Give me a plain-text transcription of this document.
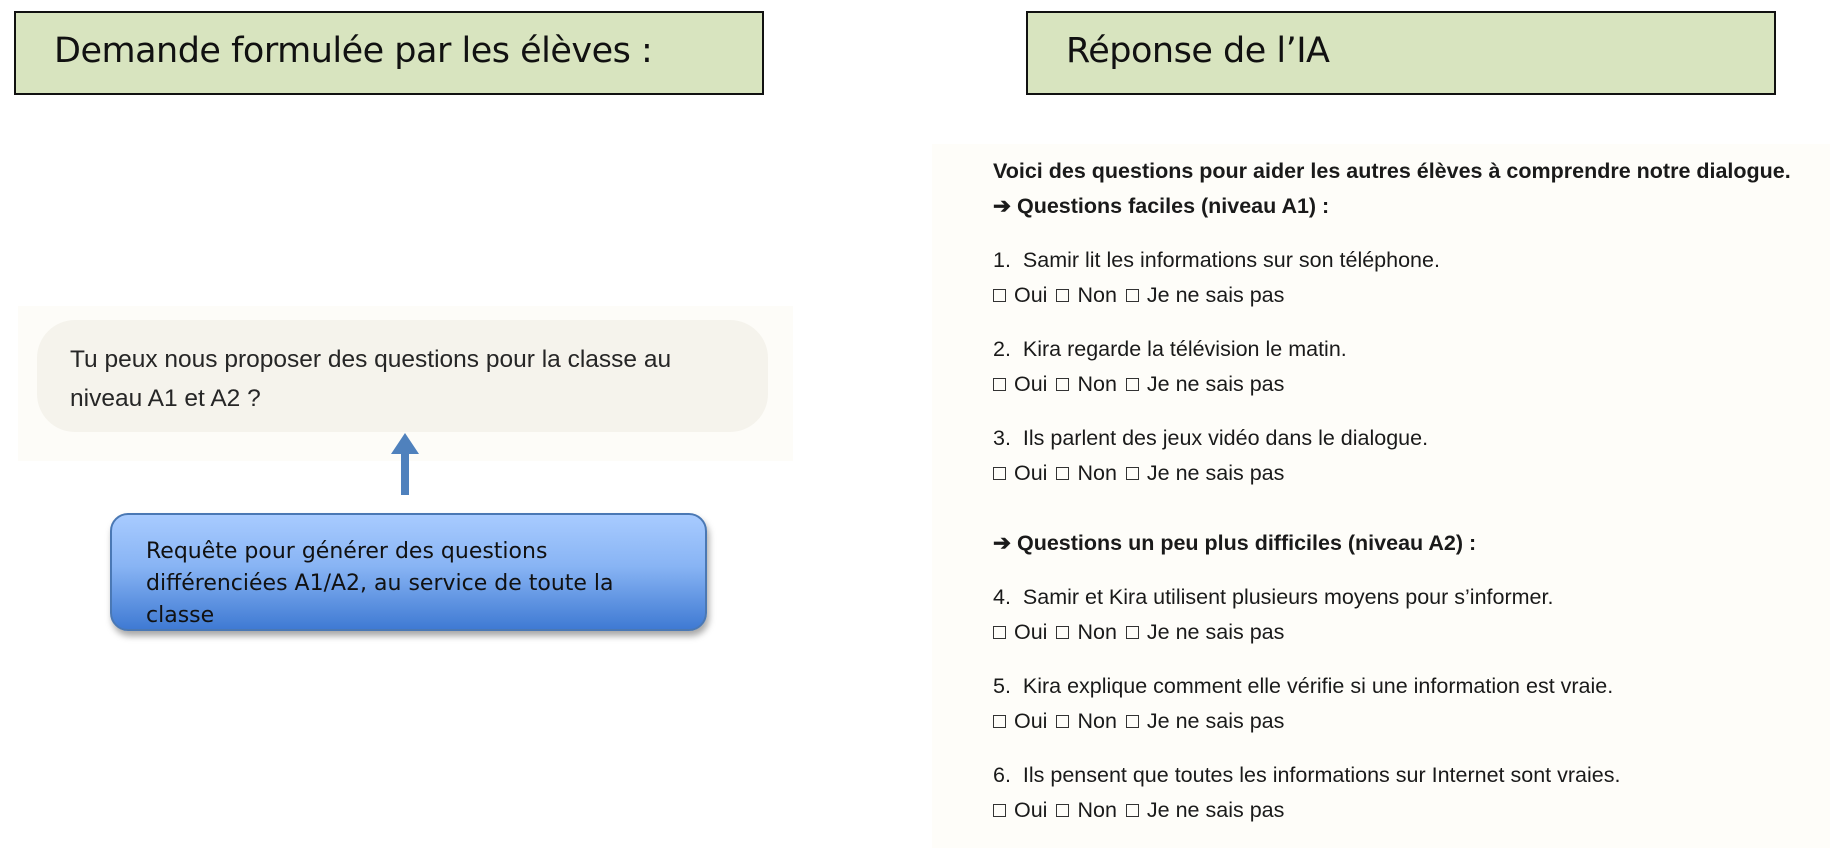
Demande formulée par les élèves :	Réponse de l’IA
Tu peux nous proposer des questions pour la classe au niveau A1 et A2 ?
Requête pour générer des questions différenciées A1/A2, au service de toute la classe
Voici des questions pour aider les autres élèves à comprendre notre dialogue.
➔ Questions faciles (niveau A1) :
1. Samir lit les informations sur son téléphone.
Oui Non Je ne sais pas
2. Kira regarde la télévision le matin.
Oui Non Je ne sais pas
3. Ils parlent des jeux vidéo dans le dialogue.
Oui Non Je ne sais pas
➔ Questions un peu plus difficiles (niveau A2) :
4. Samir et Kira utilisent plusieurs moyens pour s’informer.
Oui Non Je ne sais pas
5. Kira explique comment elle vérifie si une information est vraie.
Oui Non Je ne sais pas
6. Ils pensent que toutes les informations sur Internet sont vraies.
Oui Non Je ne sais pas
